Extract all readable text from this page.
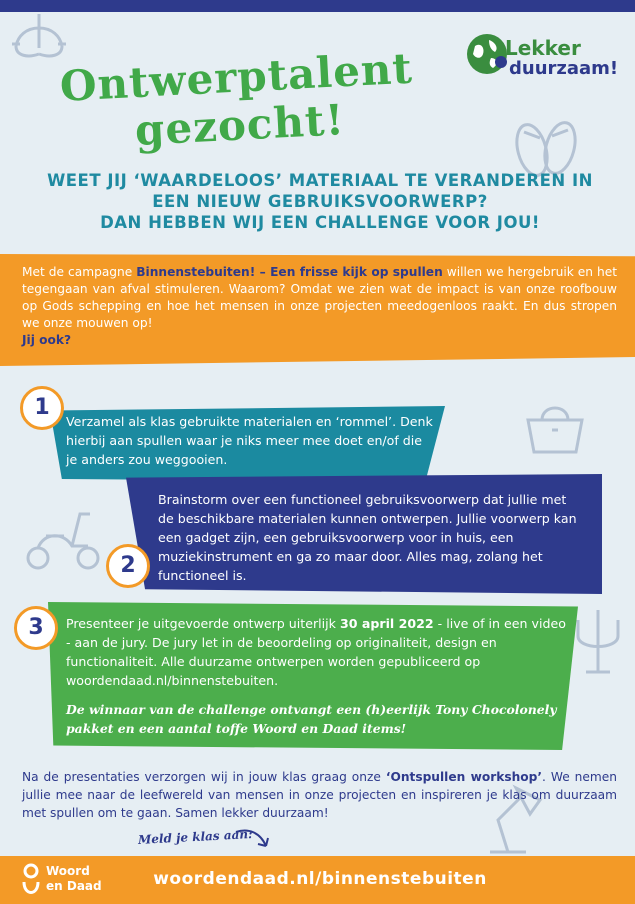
Lekker
duurzaam!
Ontwerptalent
gezocht!
WEET JIJ ‘WAARDELOOS’ MATERIAAL TE VERANDEREN IN
EEN NIEUW GEBRUIKSVOORWERP?
DAN HEBBEN WIJ EEN CHALLENGE VOOR JOU!
Met de campagne Binnenstebuiten! – Een frisse kijk op spullen willen we hergebruik en het tegengaan van afval stimuleren. Waarom? Omdat we zien wat de impact is van onze roofbouw op Gods schepping en hoe het mensen in onze projecten meedogenloos raakt. En dus stropen we onze mouwen op!
Jij ook?
Verzamel als klas gebruikte materialen en ‘rommel’. Denk hierbij aan spullen waar je niks meer mee doet en/of die je anders zou weggooien.
1
Brainstorm over een functioneel gebruiksvoorwerp dat jullie met de beschikbare materialen kunnen ontwerpen. Jullie voorwerp kan een gadget zijn, een gebruiksvoorwerp voor in huis, een muziekinstrument en ga zo maar door. Alles mag, zolang het functioneel is.
2
Presenteer je uitgevoerde ontwerp uiterlijk 30 april 2022 - live of in een video - aan de jury. De jury let in de beoordeling op originaliteit, design en functionaliteit. Alle duurzame ontwerpen worden gepubliceerd op woordendaad.nl/binnenstebuiten.
De winnaar van de challenge ontvangt een (h)eerlijk Tony Chocolonely pakket en een aantal toffe Woord en Daad items!
3
Na de presentaties verzorgen wij in jouw klas graag onze ‘Ontspullen workshop’. We nemen jullie mee naar de leefwereld van mensen in onze projecten en inspireren je klas om duurzaam met spullen om te gaan. Samen lekker duurzaam!
Meld je klas aan:
Woord
en Daad	woordendaad.nl/binnenstebuiten
